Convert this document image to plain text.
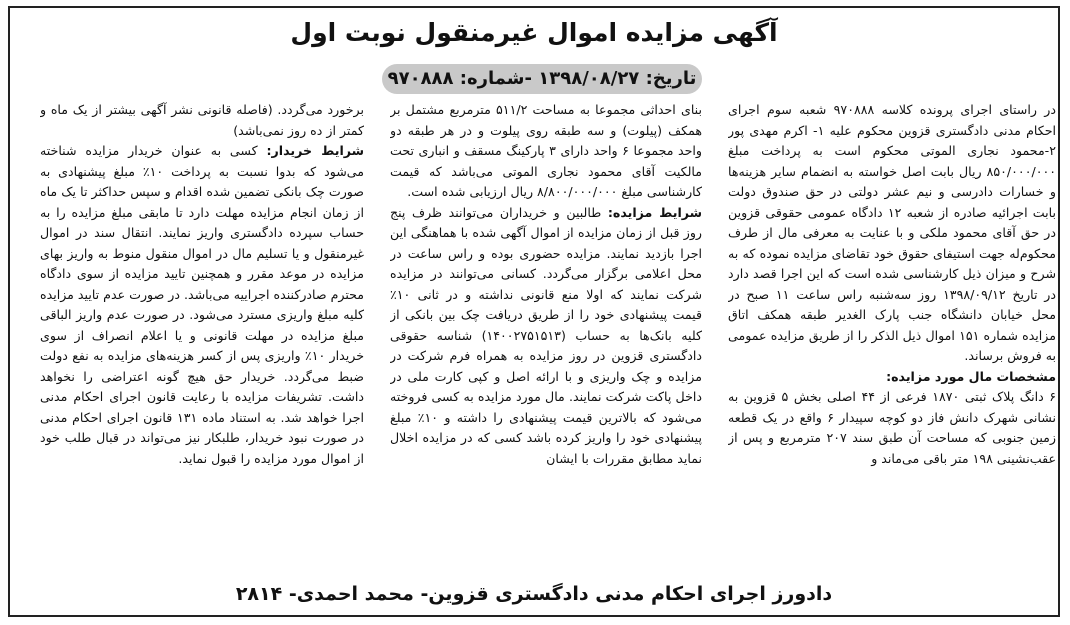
آگهی مزایده اموال غیرمنقول نوبت اول
تاریخ: ۱۳۹۸/۰۸/۲۷ -شماره: ۹۷۰۸۸۸

در راستای اجرای پرونده کلاسه ۹۷۰۸۸۸ شعبه سوم اجرای احکام مدنی دادگستری قزوین محکوم علیه ۱- اکرم مهدی پور ۲-محمود نجاری الموتی محکوم است به پرداخت مبلغ ۸۵۰/۰۰۰/۰۰۰ ریال بابت اصل خواسته به انضمام سایر هزینه‌ها و خسارات دادرسی و نیم عشر دولتی در حق صندوق دولت بابت اجرائیه صادره از شعبه ۱۲ دادگاه عمومی حقوقی قزوین در حق آقای محمود ملکی و با عنایت به معرفی مال از طرف محکوم‌له جهت استیفای حقوق خود تقاضای مزایده نموده که به شرح و میزان ذیل کارشناسی شده است که این اجرا قصد دارد در تاریخ ۱۳۹۸/۰۹/۱۲ روز سه‌شنبه راس ساعت ۱۱ صبح در محل خیابان دانشگاه جنب پارک الغدیر طبقه همکف اتاق مزایده شماره ۱۵۱ اموال ذیل الذکر را از طریق مزایده عمومی به فروش برساند.

مشخصات مال مورد مزایده:

۶ دانگ پلاک ثبتی ۱۸۷۰ فرعی از ۴۴ اصلی بخش ۵ قزوین به نشانی شهرک دانش فاز دو کوچه سپیدار ۶ واقع در یک قطعه زمین جنوبی که مساحت آن طبق سند ۲۰۷ مترمربع و پس از عقب‌نشینی ۱۹۸ متر باقی می‌ماند و

بنای احداثی مجموعا به مساحت ۵۱۱/۲ مترمربع مشتمل بر همکف (پیلوت) و سه طبقه روی پیلوت و در هر طبقه دو واحد مجموعا ۶ واحد دارای ۳ پارکینگ مسقف و انباری تحت مالکیت آقای محمود نجاری الموتی می‌باشد که قیمت کارشناسی مبلغ ۸/۸۰۰/۰۰۰/۰۰۰ ریال ارزیابی شده است.

شرایط مزایده: طالبین و خریداران می‌توانند ظرف پنج روز قبل از زمان مزایده از اموال آگهی شده با هماهنگی این اجرا بازدید نمایند. مزایده حضوری بوده و راس ساعت در محل اعلامی برگزار می‌گردد. کسانی می‌توانند در مزایده شرکت نمایند که اولا منع قانونی نداشته و در ثانی ۱۰٪ قیمت پیشنهادی خود را از طریق دریافت چک بین بانکی از کلیه بانک‌ها به حساب (۱۴۰۰۲۷۵۱۵۱۳) شناسه حقوقی دادگستری قزوین در روز مزایده به همراه فرم شرکت در مزایده و چک واریزی و با ارائه اصل و کپی کارت ملی در داخل پاکت شرکت نمایند. مال مورد مزایده به کسی فروخته می‌شود که بالاترین قیمت پیشنهادی را داشته و ۱۰٪ مبلغ پیشنهادی خود را واریز کرده باشد کسی که در مزایده اخلال نماید مطابق مقررات با ایشان

برخورد می‌گردد. (فاصله قانونی نشر آگهی بیشتر از یک ماه و کمتر از ده روز نمی‌باشد)

شرایط خریدار: کسی به عنوان خریدار مزایده شناخته می‌شود که بدوا نسبت به پرداخت ۱۰٪ مبلغ پیشنهادی به صورت چک بانکی تضمین شده اقدام و سپس حداکثر تا یک ماه از زمان انجام مزایده مهلت دارد تا مابقی مبلغ مزایده را به حساب سپرده دادگستری واریز نمایند. انتقال سند در اموال غیرمنقول و یا تسلیم مال در اموال منقول منوط به واریز بهای مزایده در موعد مقرر و همچنین تایید مزایده از سوی دادگاه محترم صادرکننده اجراییه می‌باشد. در صورت عدم تایید مزایده کلیه مبلغ واریزی مسترد می‌شود. در صورت عدم واریز الباقی مبلغ مزایده در مهلت قانونی و یا اعلام انصراف از سوی خریدار ۱۰٪ واریزی پس از کسر هزینه‌های مزایده به نفع دولت ضبط می‌گردد. خریدار حق هیچ گونه اعتراضی را نخواهد داشت. تشریفات مزایده با رعایت قانون اجرای احکام مدنی اجرا خواهد شد. به استناد ماده ۱۳۱ قانون اجرای احکام مدنی در صورت نبود خریدار، طلبکار نیز می‌تواند در قبال طلب خود از اموال مورد مزایده را قبول نماید.

دادورز اجرای احکام مدنی دادگستری قزوین- محمد احمدی- ۲۸۱۴
